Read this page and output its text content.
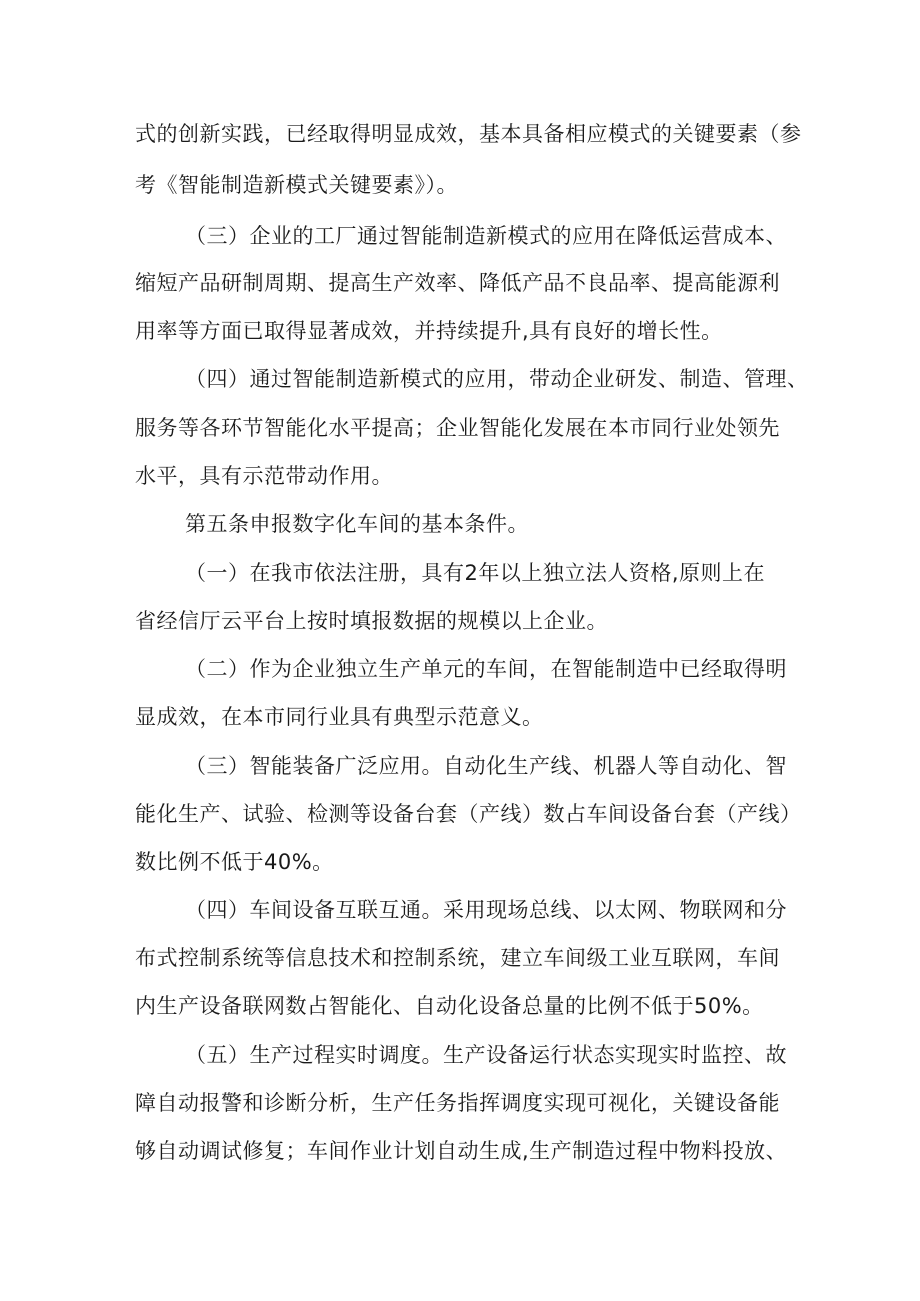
式的创新实践，已经取得明显成效，基本具备相应模式的关键要素（参
考《智能制造新模式关键要素》）。
（三）企业的工厂通过智能制造新模式的应用在降低运营成本、
缩短产品研制周期、提高生产效率、降低产品不良品率、提高能源利
用率等方面已取得显著成效，并持续提升,具有良好的增长性。
（四）通过智能制造新模式的应用，带动企业研发、制造、管理、
服务等各环节智能化水平提高；企业智能化发展在本市同行业处领先
水平，具有示范带动作用。
第五条申报数字化车间的基本条件。
（一）在我市依法注册，具有2年以上独立法人资格,原则上在
省经信厅云平台上按时填报数据的规模以上企业。
（二）作为企业独立生产单元的车间，在智能制造中已经取得明
显成效，在本市同行业具有典型示范意义。
（三）智能装备广泛应用。自动化生产线、机器人等自动化、智
能化生产、试验、检测等设备台套（产线）数占车间设备台套（产线）
数比例不低于40%。
（四）车间设备互联互通。采用现场总线、以太网、物联网和分
布式控制系统等信息技术和控制系统，建立车间级工业互联网，车间
内生产设备联网数占智能化、自动化设备总量的比例不低于50%。
（五）生产过程实时调度。生产设备运行状态实现实时监控、故
障自动报警和诊断分析，生产任务指挥调度实现可视化，关键设备能
够自动调试修复；车间作业计划自动生成,生产制造过程中物料投放、
